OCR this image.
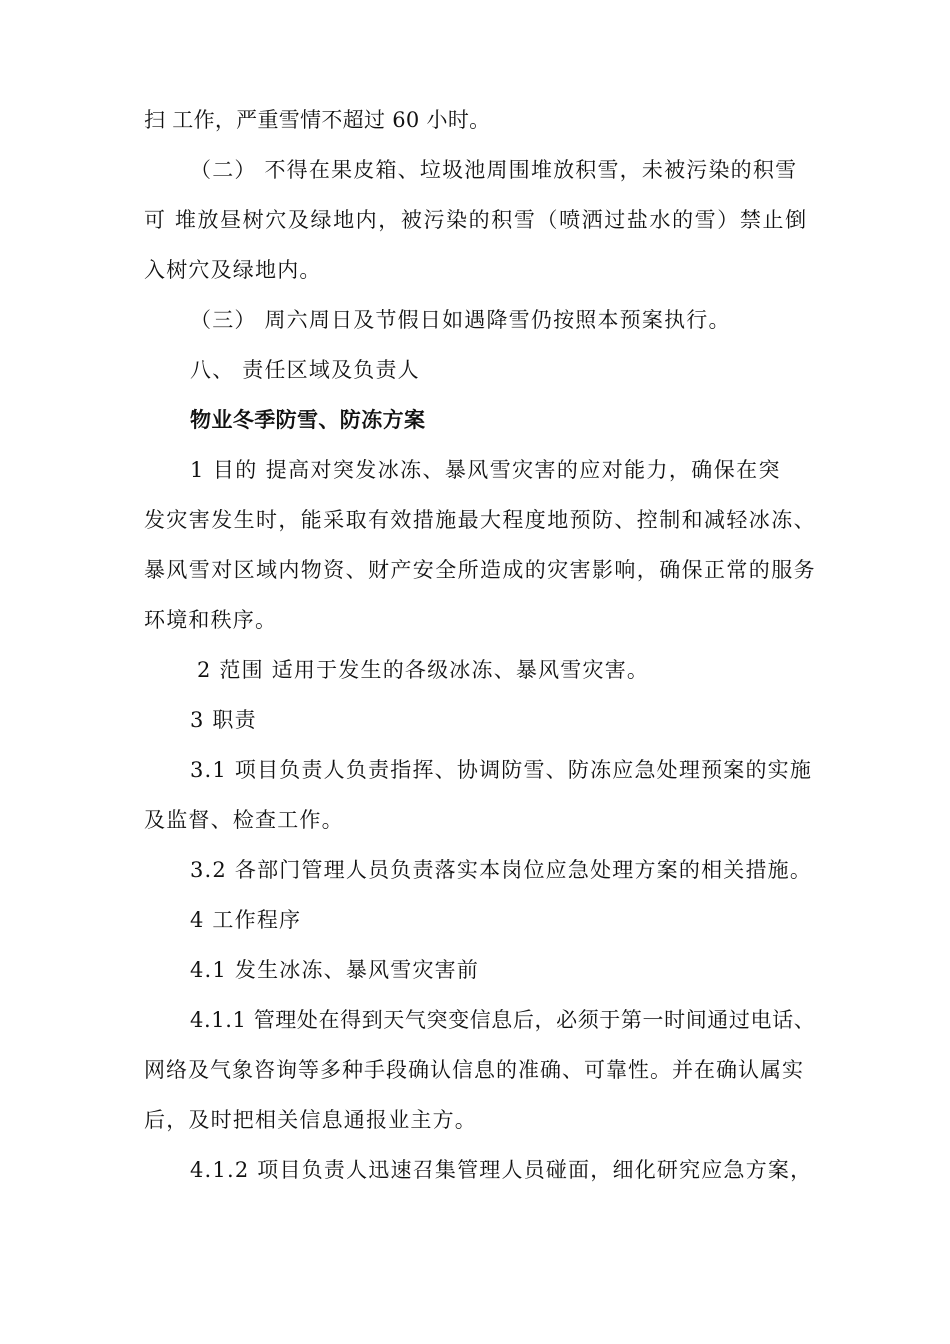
扫 工作，严重雪情不超过 60 小时。
（二） 不得在果皮箱、垃圾池周围堆放积雪，未被污染的积雪
可 堆放昼树穴及绿地内，被污染的积雪（喷洒过盐水的雪）禁止倒
入树穴及绿地内。
（三） 周六周日及节假日如遇降雪仍按照本预案执行。
八、 责任区域及负责人
物业冬季防雪、防冻方案
1 目的 提高对突发冰冻、暴风雪灾害的应对能力，确保在突
发灾害发生时，能采取有效措施最大程度地预防、控制和减轻冰冻、
暴风雪对区域内物资、财产安全所造成的灾害影响，确保正常的服务
环境和秩序。
2 范围 适用于发生的各级冰冻、暴风雪灾害。
3 职责
3.1 项目负责人负责指挥、协调防雪、防冻应急处理预案的实施
及监督、检查工作。
3.2 各部门管理人员负责落实本岗位应急处理方案的相关措施。
4 工作程序
4.1 发生冰冻、暴风雪灾害前
4.1.1 管理处在得到天气突变信息后，必须于第一时间通过电话、
网络及气象咨询等多种手段确认信息的准确、可靠性。并在确认属实
后，及时把相关信息通报业主方。
4.1.2 项目负责人迅速召集管理人员碰面，细化研究应急方案，
